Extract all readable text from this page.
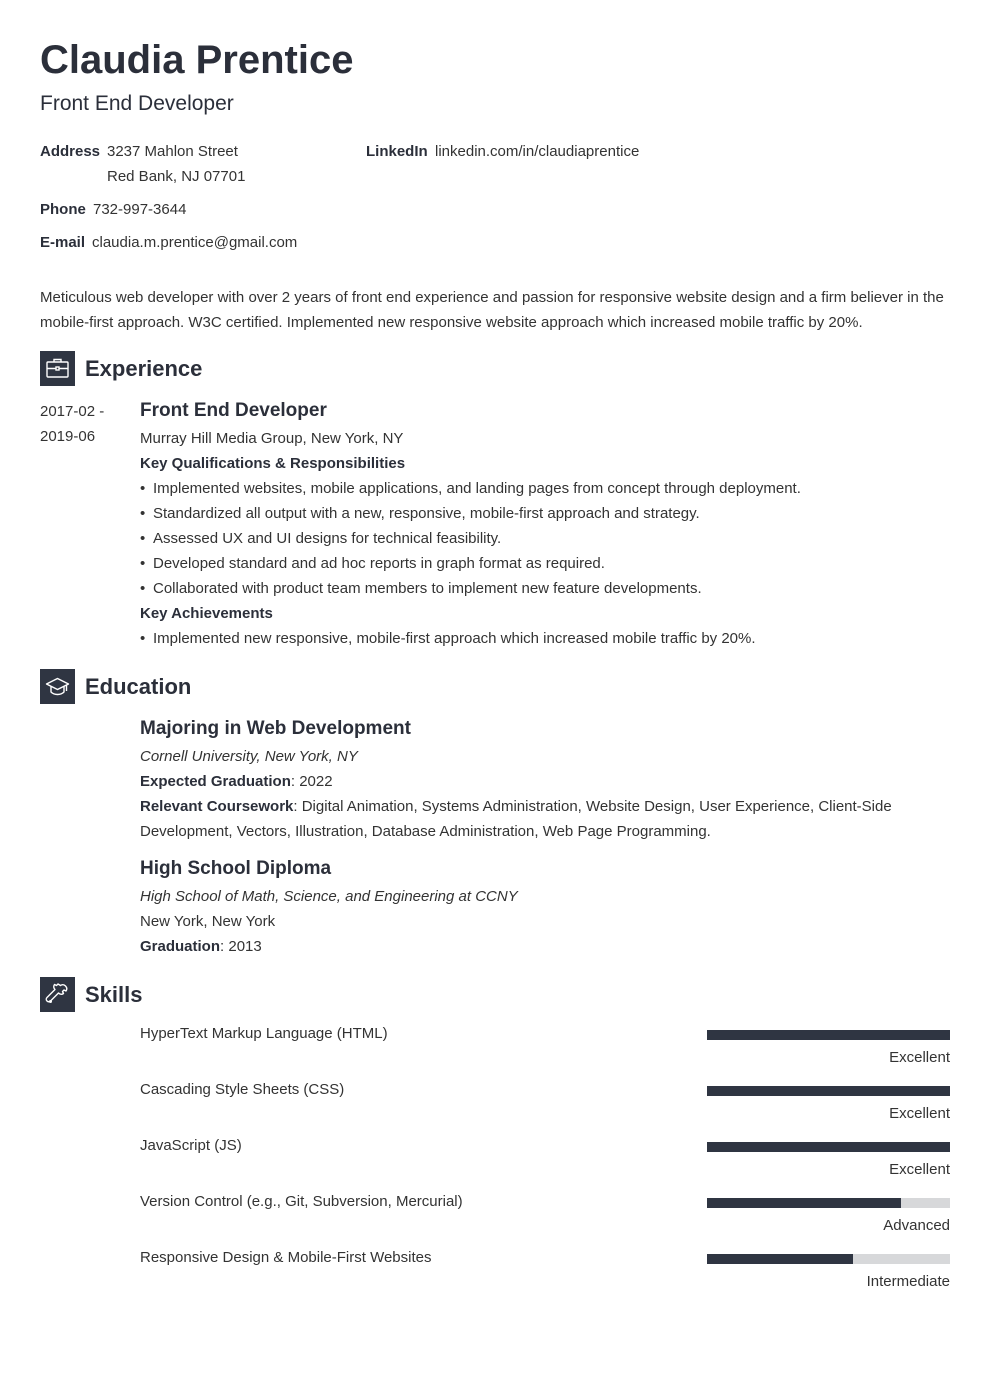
Claudia Prentice
Front End Developer
Address 3237 Mahlon Street
Red Bank, NJ 07701
LinkedIn linkedin.com/in/claudiaprentice
Phone 732-997-3644
E-mail claudia.m.prentice@gmail.com
Meticulous web developer with over 2 years of front end experience and passion for responsive website design and a firm believer in the mobile-first approach. W3C certified. Implemented new responsive website approach which increased mobile traffic by 20%.
Experience
2017-02 -
2019-06
Front End Developer
Murray Hill Media Group, New York, NY
Key Qualifications & Responsibilities
• Implemented websites, mobile applications, and landing pages from concept through deployment.
• Standardized all output with a new, responsive, mobile-first approach and strategy.
• Assessed UX and UI designs for technical feasibility.
• Developed standard and ad hoc reports in graph format as required.
• Collaborated with product team members to implement new feature developments.
Key Achievements
• Implemented new responsive, mobile-first approach which increased mobile traffic by 20%.
Education
Majoring in Web Development
Cornell University, New York, NY
Expected Graduation: 2022
Relevant Coursework: Digital Animation, Systems Administration, Website Design, User Experience, Client-Side Development, Vectors, Illustration, Database Administration, Web Page Programming.
High School Diploma
High School of Math, Science, and Engineering at CCNY
New York, New York
Graduation: 2013
Skills
HyperText Markup Language (HTML)
Excellent
Cascading Style Sheets (CSS)
Excellent
JavaScript (JS)
Excellent
Version Control (e.g., Git, Subversion, Mercurial)
Advanced
Responsive Design & Mobile-First Websites
Intermediate
